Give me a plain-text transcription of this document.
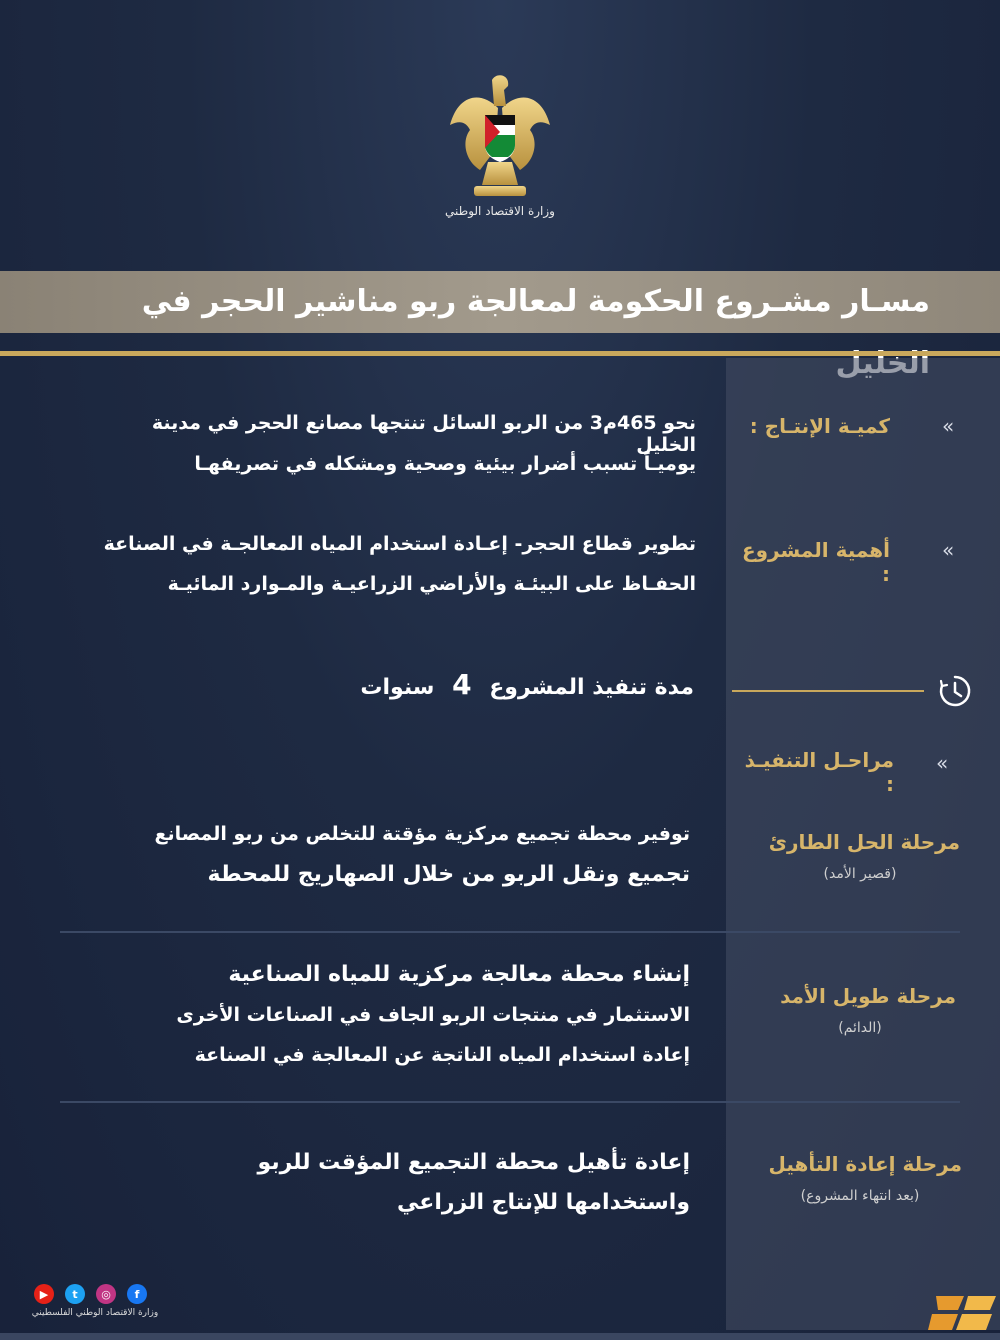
وزارة الاقتصاد الوطني
مسـار مشـروع الحكومة لمعالجة ربو مناشير الحجر في
«
كميـة الإنتـاج :
نحو 465م3 من الربو السائل تنتجها مصانع الحجر في مدينة الخليل
يوميـاً تسبب أضرار بيئية وصحية ومشكله في تصريفهـا
«
أهمية المشروع :
تطوير قطاع الحجر- إعـادة استخدام المياه المعالجـة في الصناعة
الحفـاظ على البيئـة والأراضي الزراعيـة والمـوارد المائيـة
مدة تنفيذ المشروع 4 سنوات
«
مراحـل التنفيـذ :
مرحلة الحل الطارئ
(قصير الأمد)
توفير محطة تجميع مركزية مؤقتة للتخلص من ربو المصانع
تجميع ونقل الربو من خلال الصهاريج للمحطة
مرحلة طويل الأمد
(الدائم)
إنشاء محطة معالجة مركزية للمياه الصناعية
الاستثمار في منتجات الربو الجاف في الصناعات الأخرى
إعادة استخدام المياه الناتجة عن المعالجة في الصناعة
مرحلة إعادة التأهيل
(بعد انتهاء المشروع)
إعادة تأهيل محطة التجميع المؤقت للربو
واستخدامها للإنتاج الزراعي
▶	t	◎	f
وزارة الاقتصاد الوطني الفلسطيني
